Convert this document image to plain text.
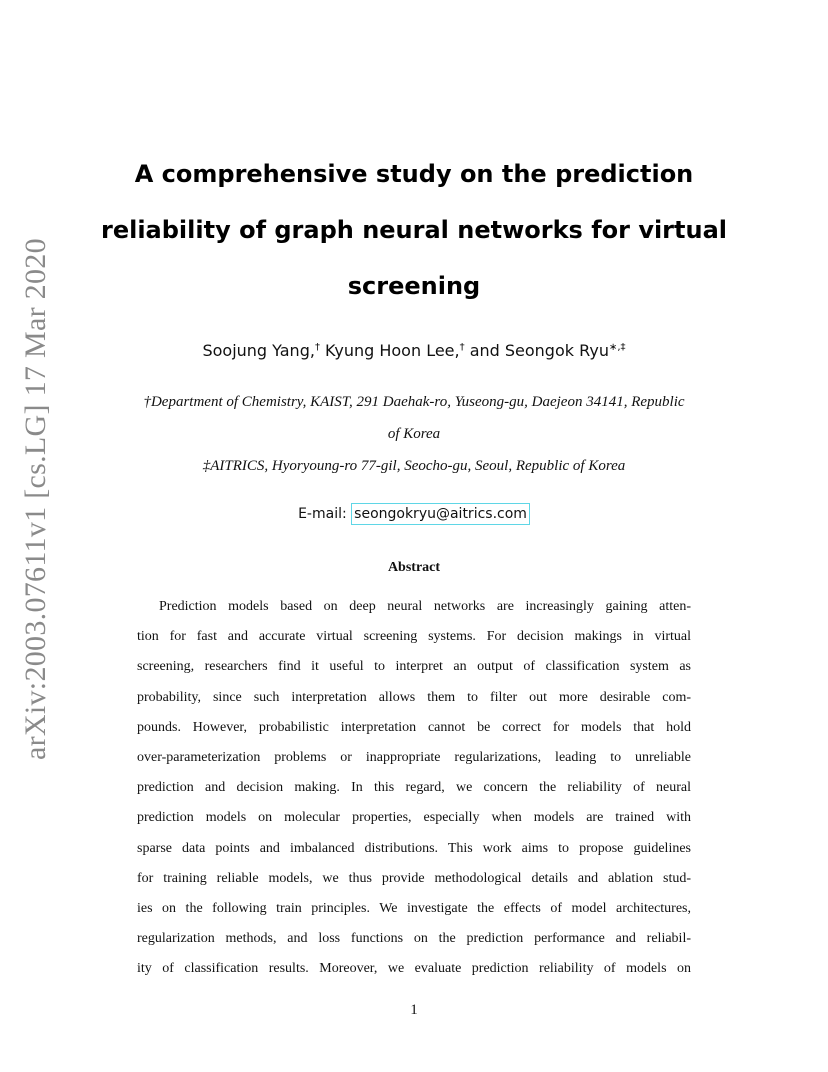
arXiv:2003.07611v1 [cs.LG] 17 Mar 2020
A comprehensive study on the prediction
reliability of graph neural networks for virtual
screening
Soojung Yang,† Kyung Hoon Lee,† and Seongok Ryu∗,‡
†Department of Chemistry, KAIST, 291 Daehak-ro, Yuseong-gu, Daejeon 34141, Republic
of Korea
‡AITRICS, Hyoryoung-ro 77-gil, Seocho-gu, Seoul, Republic of Korea
E-mail: seongokryu@aitrics.com
Abstract
Prediction models based on deep neural networks are increasingly gaining atten-
tion for fast and accurate virtual screening systems. For decision makings in virtual
screening, researchers find it useful to interpret an output of classification system as
probability, since such interpretation allows them to filter out more desirable com-
pounds. However, probabilistic interpretation cannot be correct for models that hold
over-parameterization problems or inappropriate regularizations, leading to unreliable
prediction and decision making. In this regard, we concern the reliability of neural
prediction models on molecular properties, especially when models are trained with
sparse data points and imbalanced distributions. This work aims to propose guidelines
for training reliable models, we thus provide methodological details and ablation stud-
ies on the following train principles. We investigate the effects of model architectures,
regularization methods, and loss functions on the prediction performance and reliabil-
ity of classification results. Moreover, we evaluate prediction reliability of models on
1
